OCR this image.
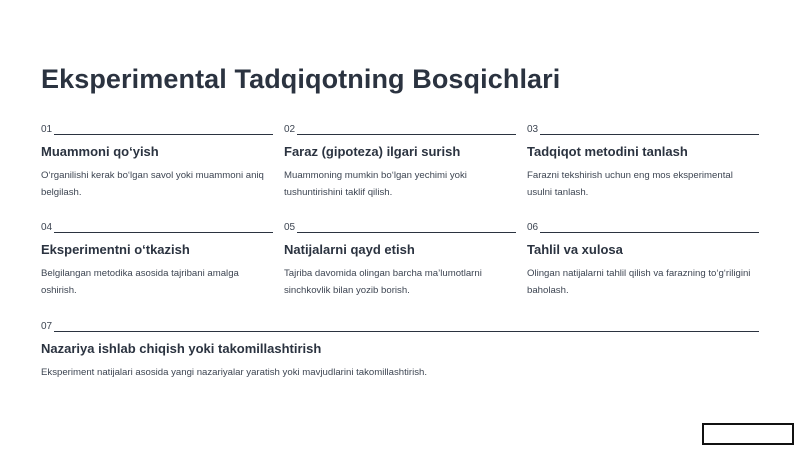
Eksperimental Tadqiqotning Bosqichlari
01
Muammoni qo‘yish

O‘rganilishi kerak bo‘lgan savol yoki muammoni aniq belgilash.

02
Faraz (gipoteza) ilgari surish

Muammoning mumkin bo‘lgan yechimi yoki tushuntirishini taklif qilish.

03
Tadqiqot metodini tanlash

Farazni tekshirish uchun eng mos eksperimental usulni tanlash.

04
Eksperimentni o‘tkazish

Belgilangan metodika asosida tajribani amalga oshirish.

05
Natijalarni qayd etish

Tajriba davomida olingan barcha ma’lumotlarni sinchkovlik bilan yozib borish.

06
Tahlil va xulosa

Olingan natijalarni tahlil qilish va farazning to‘g‘riligini baholash.

07
Nazariya ishlab chiqish yoki takomillashtirish

Eksperiment natijalari asosida yangi nazariyalar yaratish yoki mavjudlarini takomillashtirish.
